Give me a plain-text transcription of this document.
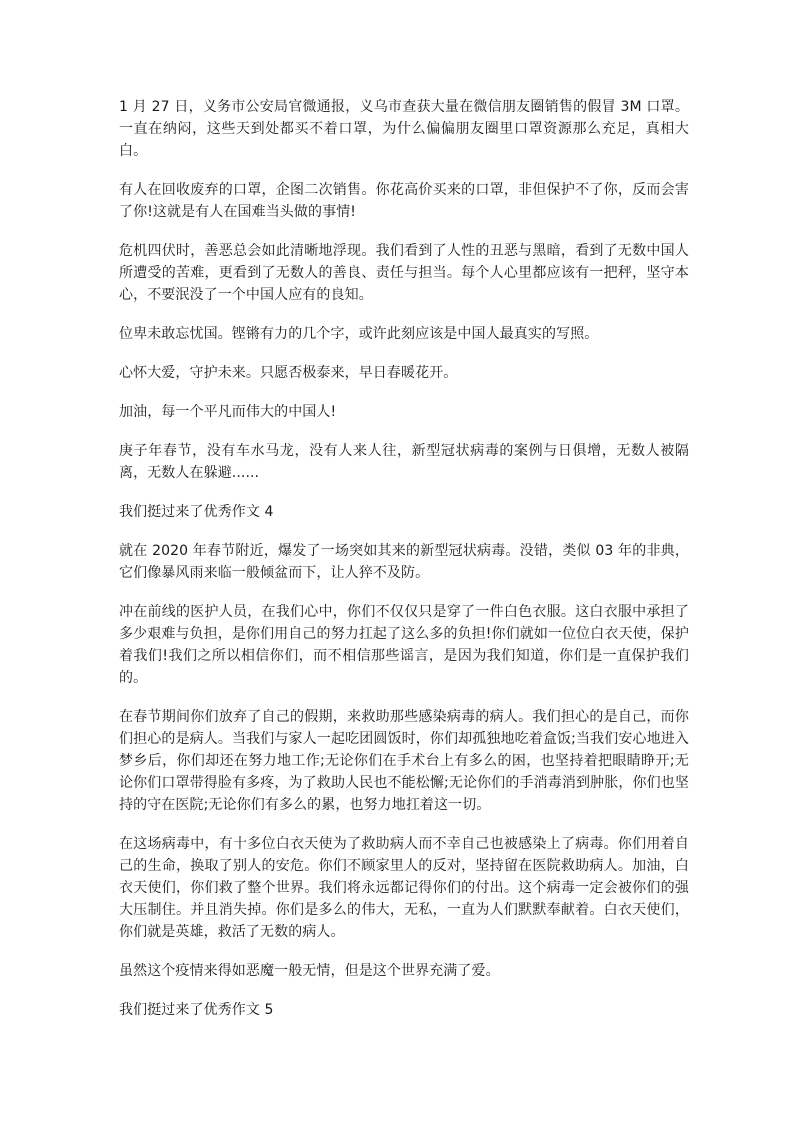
1 月 27 日，义务市公安局官微通报，义乌市查获大量在微信朋友圈销售的假冒 3M 口罩。一直在纳闷，这些天到处都买不着口罩，为什么偏偏朋友圈里口罩资源那么充足，真相大白。

有人在回收废弃的口罩，企图二次销售。你花高价买来的口罩，非但保护不了你，反而会害了你!这就是有人在国难当头做的事情!

危机四伏时，善恶总会如此清晰地浮现。我们看到了人性的丑恶与黑暗，看到了无数中国人所遭受的苦难，更看到了无数人的善良、责任与担当。每个人心里都应该有一把秤，坚守本心，不要泯没了一个中国人应有的良知。

位卑未敢忘忧国。铿锵有力的几个字，或许此刻应该是中国人最真实的写照。

心怀大爱，守护未来。只愿否极泰来，早日春暖花开。

加油，每一个平凡而伟大的中国人!

庚子年春节，没有车水马龙，没有人来人往，新型冠状病毒的案例与日俱增，无数人被隔离，无数人在躲避......

我们挺过来了优秀作文 4

就在 2020 年春节附近，爆发了一场突如其来的新型冠状病毒。没错，类似 03 年的非典，它们像暴风雨来临一般倾盆而下，让人猝不及防。

冲在前线的医护人员，在我们心中，你们不仅仅只是穿了一件白色衣服。这白衣服中承担了多少艰难与负担，是你们用自己的努力扛起了这么多的负担!你们就如一位位白衣天使，保护着我们!我们之所以相信你们，而不相信那些谣言，是因为我们知道，你们是一直保护我们的。

在春节期间你们放弃了自己的假期，来救助那些感染病毒的病人。我们担心的是自己，而你们担心的是病人。当我们与家人一起吃团圆饭时，你们却孤独地吃着盒饭;当我们安心地进入梦乡后，你们却还在努力地工作;无论你们在手术台上有多么的困，也坚持着把眼睛睁开;无论你们口罩带得脸有多疼，为了救助人民也不能松懈;无论你们的手消毒消到肿胀，你们也坚持的守在医院;无论你们有多么的累，也努力地扛着这一切。

在这场病毒中，有十多位白衣天使为了救助病人而不幸自己也被感染上了病毒。你们用着自己的生命，换取了别人的安危。你们不顾家里人的反对，坚持留在医院救助病人。加油，白衣天使们，你们救了整个世界。我们将永远都记得你们的付出。这个病毒一定会被你们的强大压制住。并且消失掉。你们是多么的伟大，无私，一直为人们默默奉献着。白衣天使们，你们就是英雄，救活了无数的病人。

虽然这个疫情来得如恶魔一般无情，但是这个世界充满了爱。

我们挺过来了优秀作文 5
